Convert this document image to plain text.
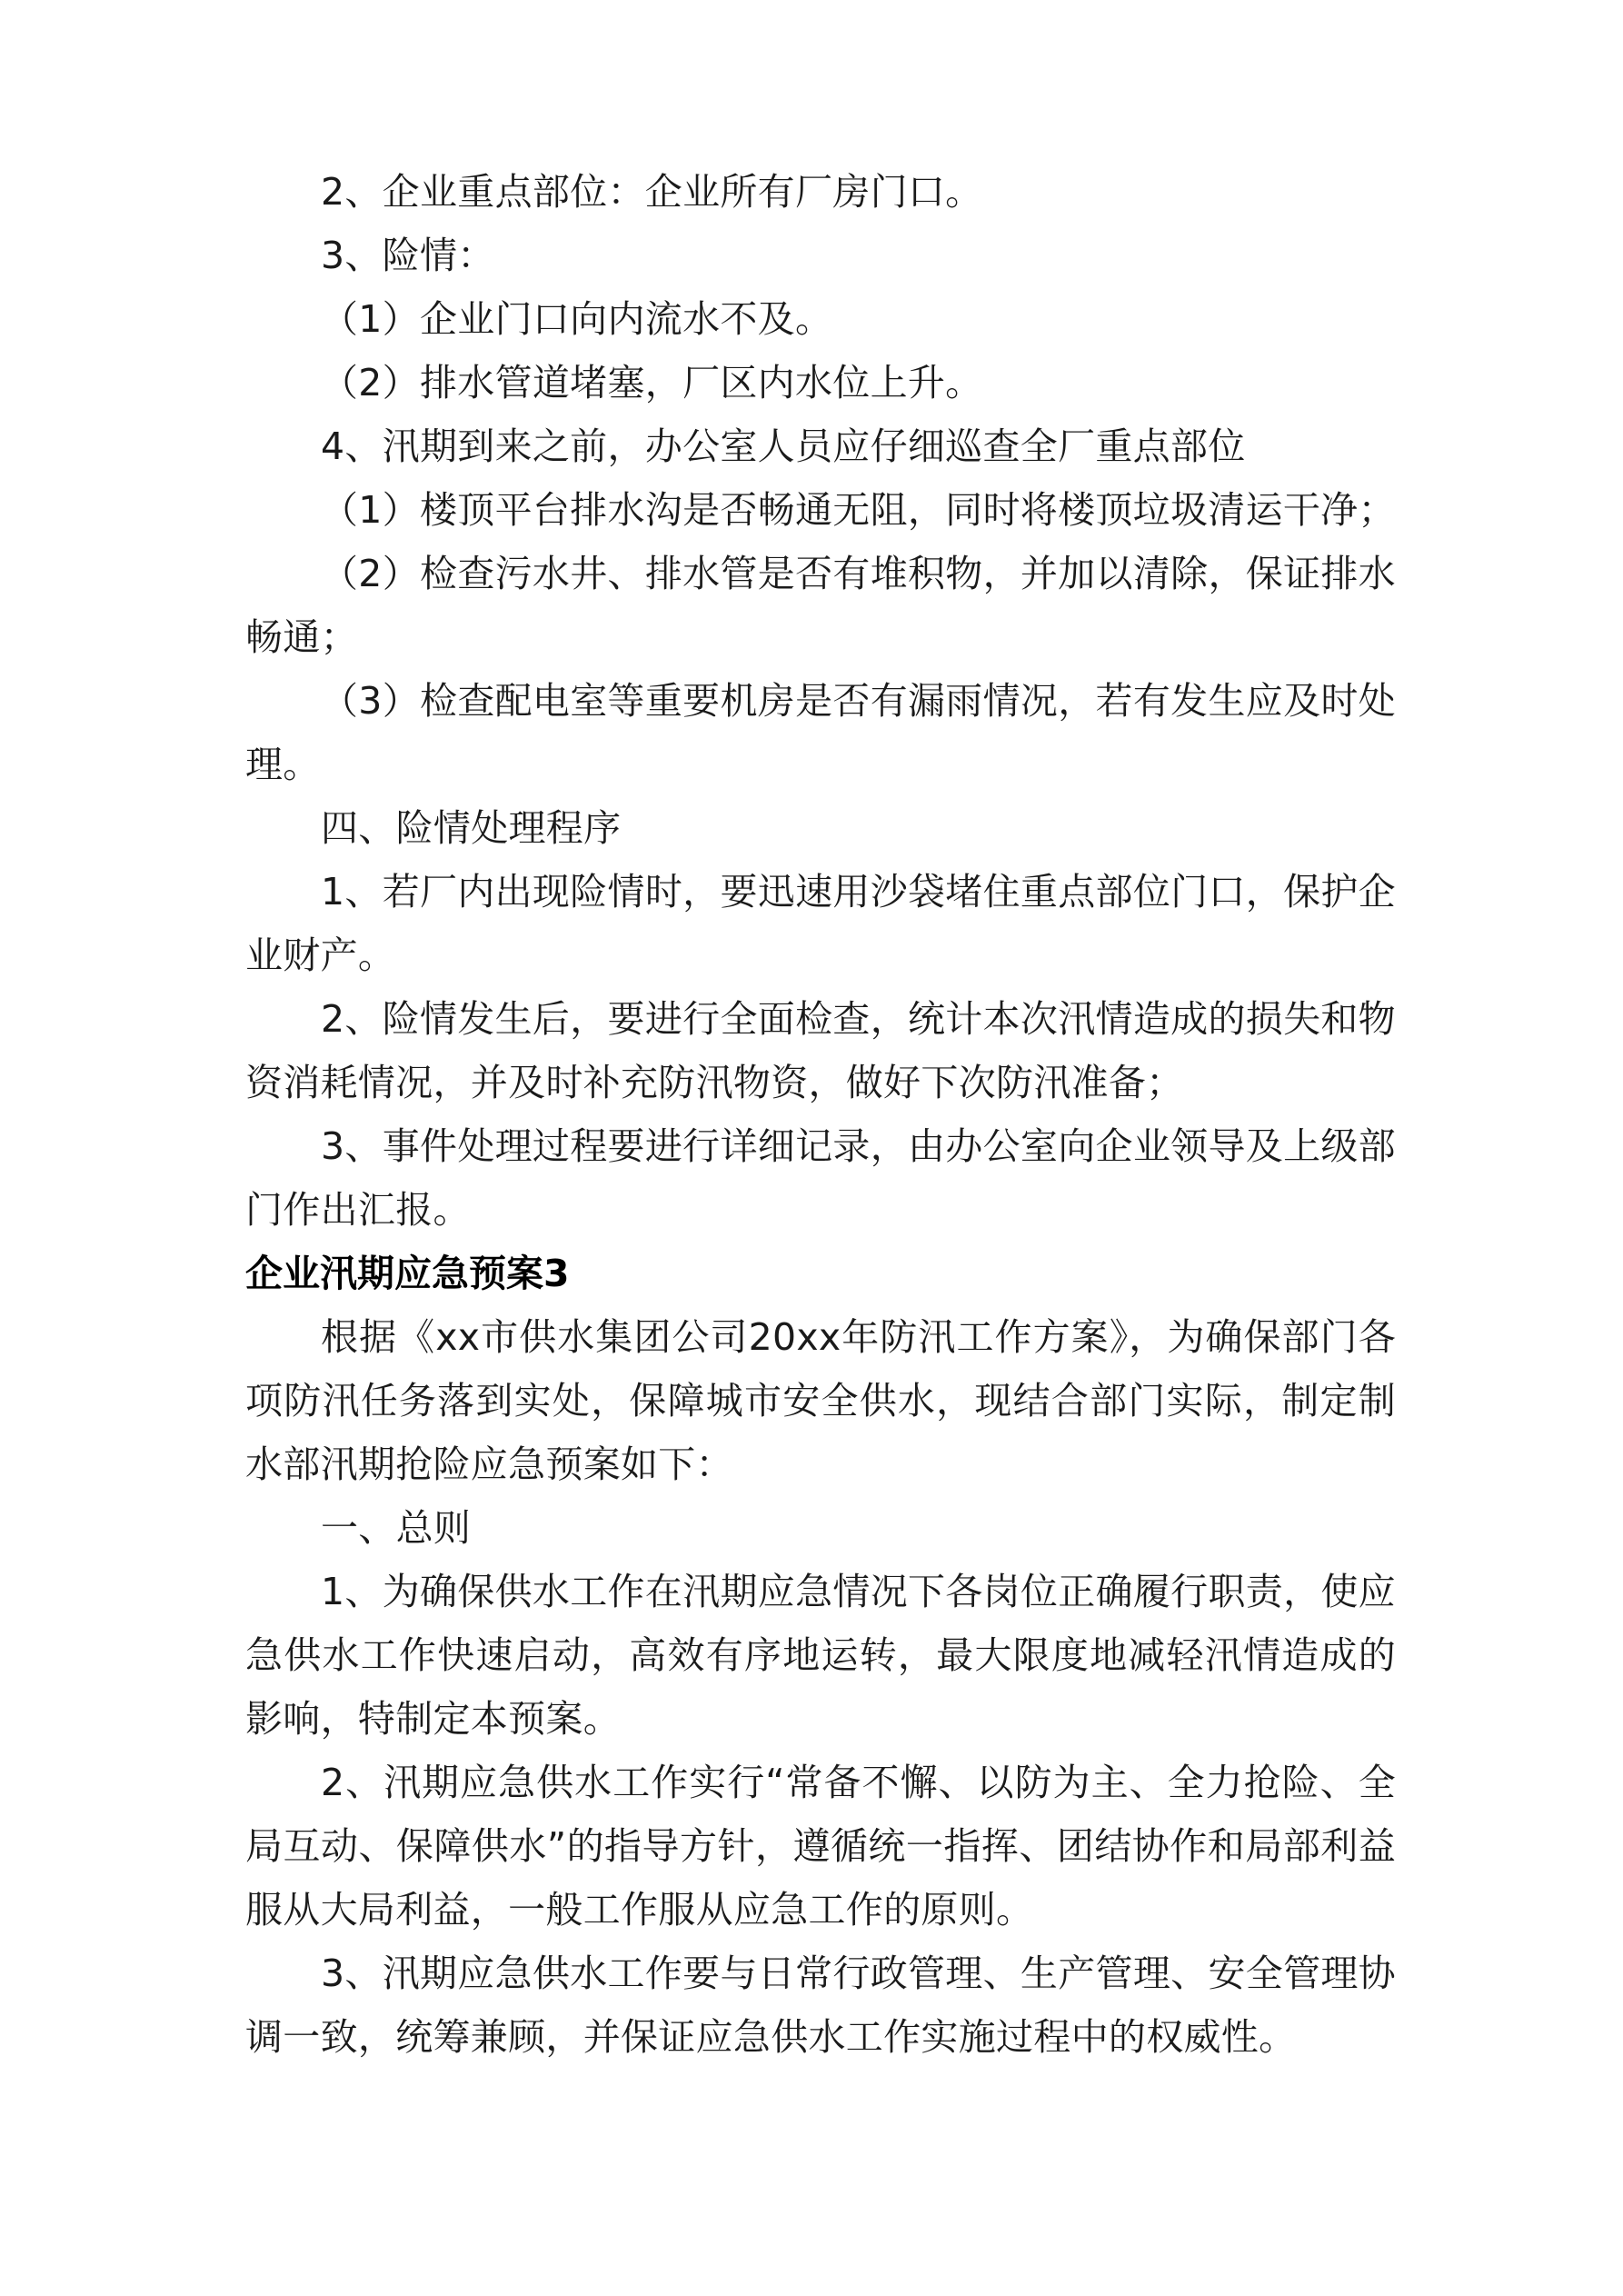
2、企业重点部位：企业所有厂房门口。

3、险情：

（1）企业门口向内流水不及。

（2）排水管道堵塞，厂区内水位上升。

4、汛期到来之前，办公室人员应仔细巡查全厂重点部位

（1）楼顶平台排水沟是否畅通无阻，同时将楼顶垃圾清运干净；

（2）检查污水井、排水管是否有堆积物，并加以清除，保证排水畅通；

（3）检查配电室等重要机房是否有漏雨情况，若有发生应及时处理。

四、险情处理程序

1、若厂内出现险情时，要迅速用沙袋堵住重点部位门口，保护企业财产。

2、险情发生后，要进行全面检查，统计本次汛情造成的损失和物资消耗情况，并及时补充防汛物资，做好下次防汛准备；

3、事件处理过程要进行详细记录，由办公室向企业领导及上级部门作出汇报。

企业汛期应急预案3

根据《xx市供水集团公司20xx年防汛工作方案》，为确保部门各项防汛任务落到实处，保障城市安全供水，现结合部门实际，制定制水部汛期抢险应急预案如下：

一、总则

1、为确保供水工作在汛期应急情况下各岗位正确履行职责，使应急供水工作快速启动，高效有序地运转，最大限度地减轻汛情造成的影响，特制定本预案。

2、汛期应急供水工作实行“常备不懈、以防为主、全力抢险、全局互动、保障供水”的指导方针，遵循统一指挥、团结协作和局部利益服从大局利益，一般工作服从应急工作的原则。

3、汛期应急供水工作要与日常行政管理、生产管理、安全管理协调一致，统筹兼顾，并保证应急供水工作实施过程中的权威性。
